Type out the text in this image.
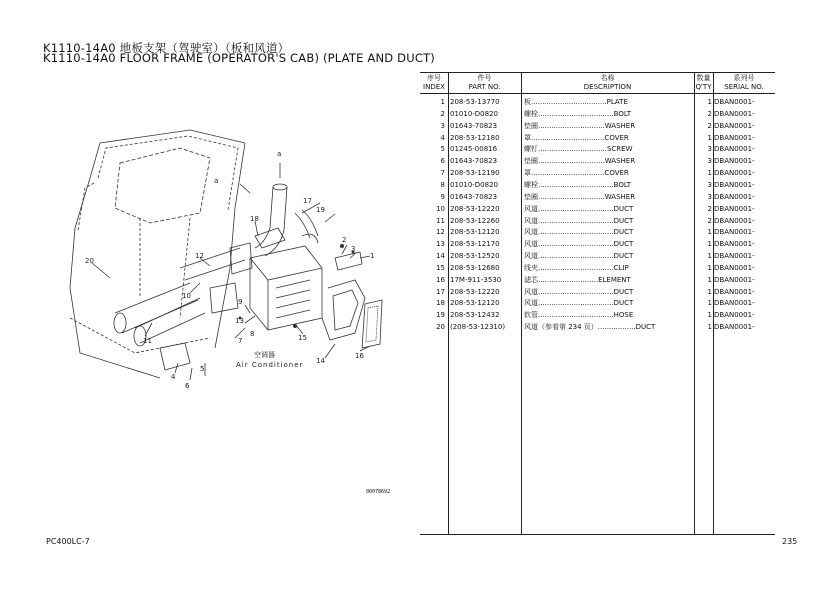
K1110-14A0 地板支架（驾驶室）（板和风道）
K1110-14A0 FLOOR FRAME (OPERATOR'S CAB) (PLATE AND DUCT)
a
a
17
19
18
2
3
1
20
11
10
9
8
13
12
7	15
14
16
4
5
6
空调器
Air Conditioner
00078692
序号
INDEX
件号
PART NO.
名称
DESCRIPTION
数量
Q'TY
系列号
SERIAL NO.
1 208-53-13770	板..................................PLATE	1 DBAN0001-
2 01010-D0820	螺栓..................................BOLT	2 DBAN0001-
3 01643-70823	垫圈..............................WASHER	2 DBAN0001-
4 208-53-12180	罩.................................COVER	1 DBAN0001-
5 01245-00816	螺钉...............................SCREW	3 DBAN0001-
6 01643-70823	垫圈..............................WASHER	3 DBAN0001-
7 208-53-12190	罩.................................COVER	1 DBAN0001-
8 01010-D0820	螺栓..................................BOLT	3 DBAN0001-
9 01643-70823	垫圈..............................WASHER	3 DBAN0001-
10 208-53-12220	风道..................................DUCT	2 DBAN0001-
11 208-53-12260	风道..................................DUCT	2 DBAN0001-
12 208-53-12120	风道..................................DUCT	1 DBAN0001-
13 208-53-12170	风道..................................DUCT	1 DBAN0001-
14 208-53-12520	风道..................................DUCT	1 DBAN0001-
15 208-53-12680	线夹..................................CLIP	1 DBAN0001-
16 17M-911-3530	滤芯...........................ELEMENT	1 DBAN0001-
17 208-53-12220	风道..................................DUCT	1 DBAN0001-
18 208-53-12120	风道..................................DUCT	1 DBAN0001-
19 208-53-12432	软管..................................HOSE	1 DBAN0001-
20 (208-53-12310)	风道（参看第 234 页）.................DUCT	1 DBAN0001-
PC400LC-7	235
